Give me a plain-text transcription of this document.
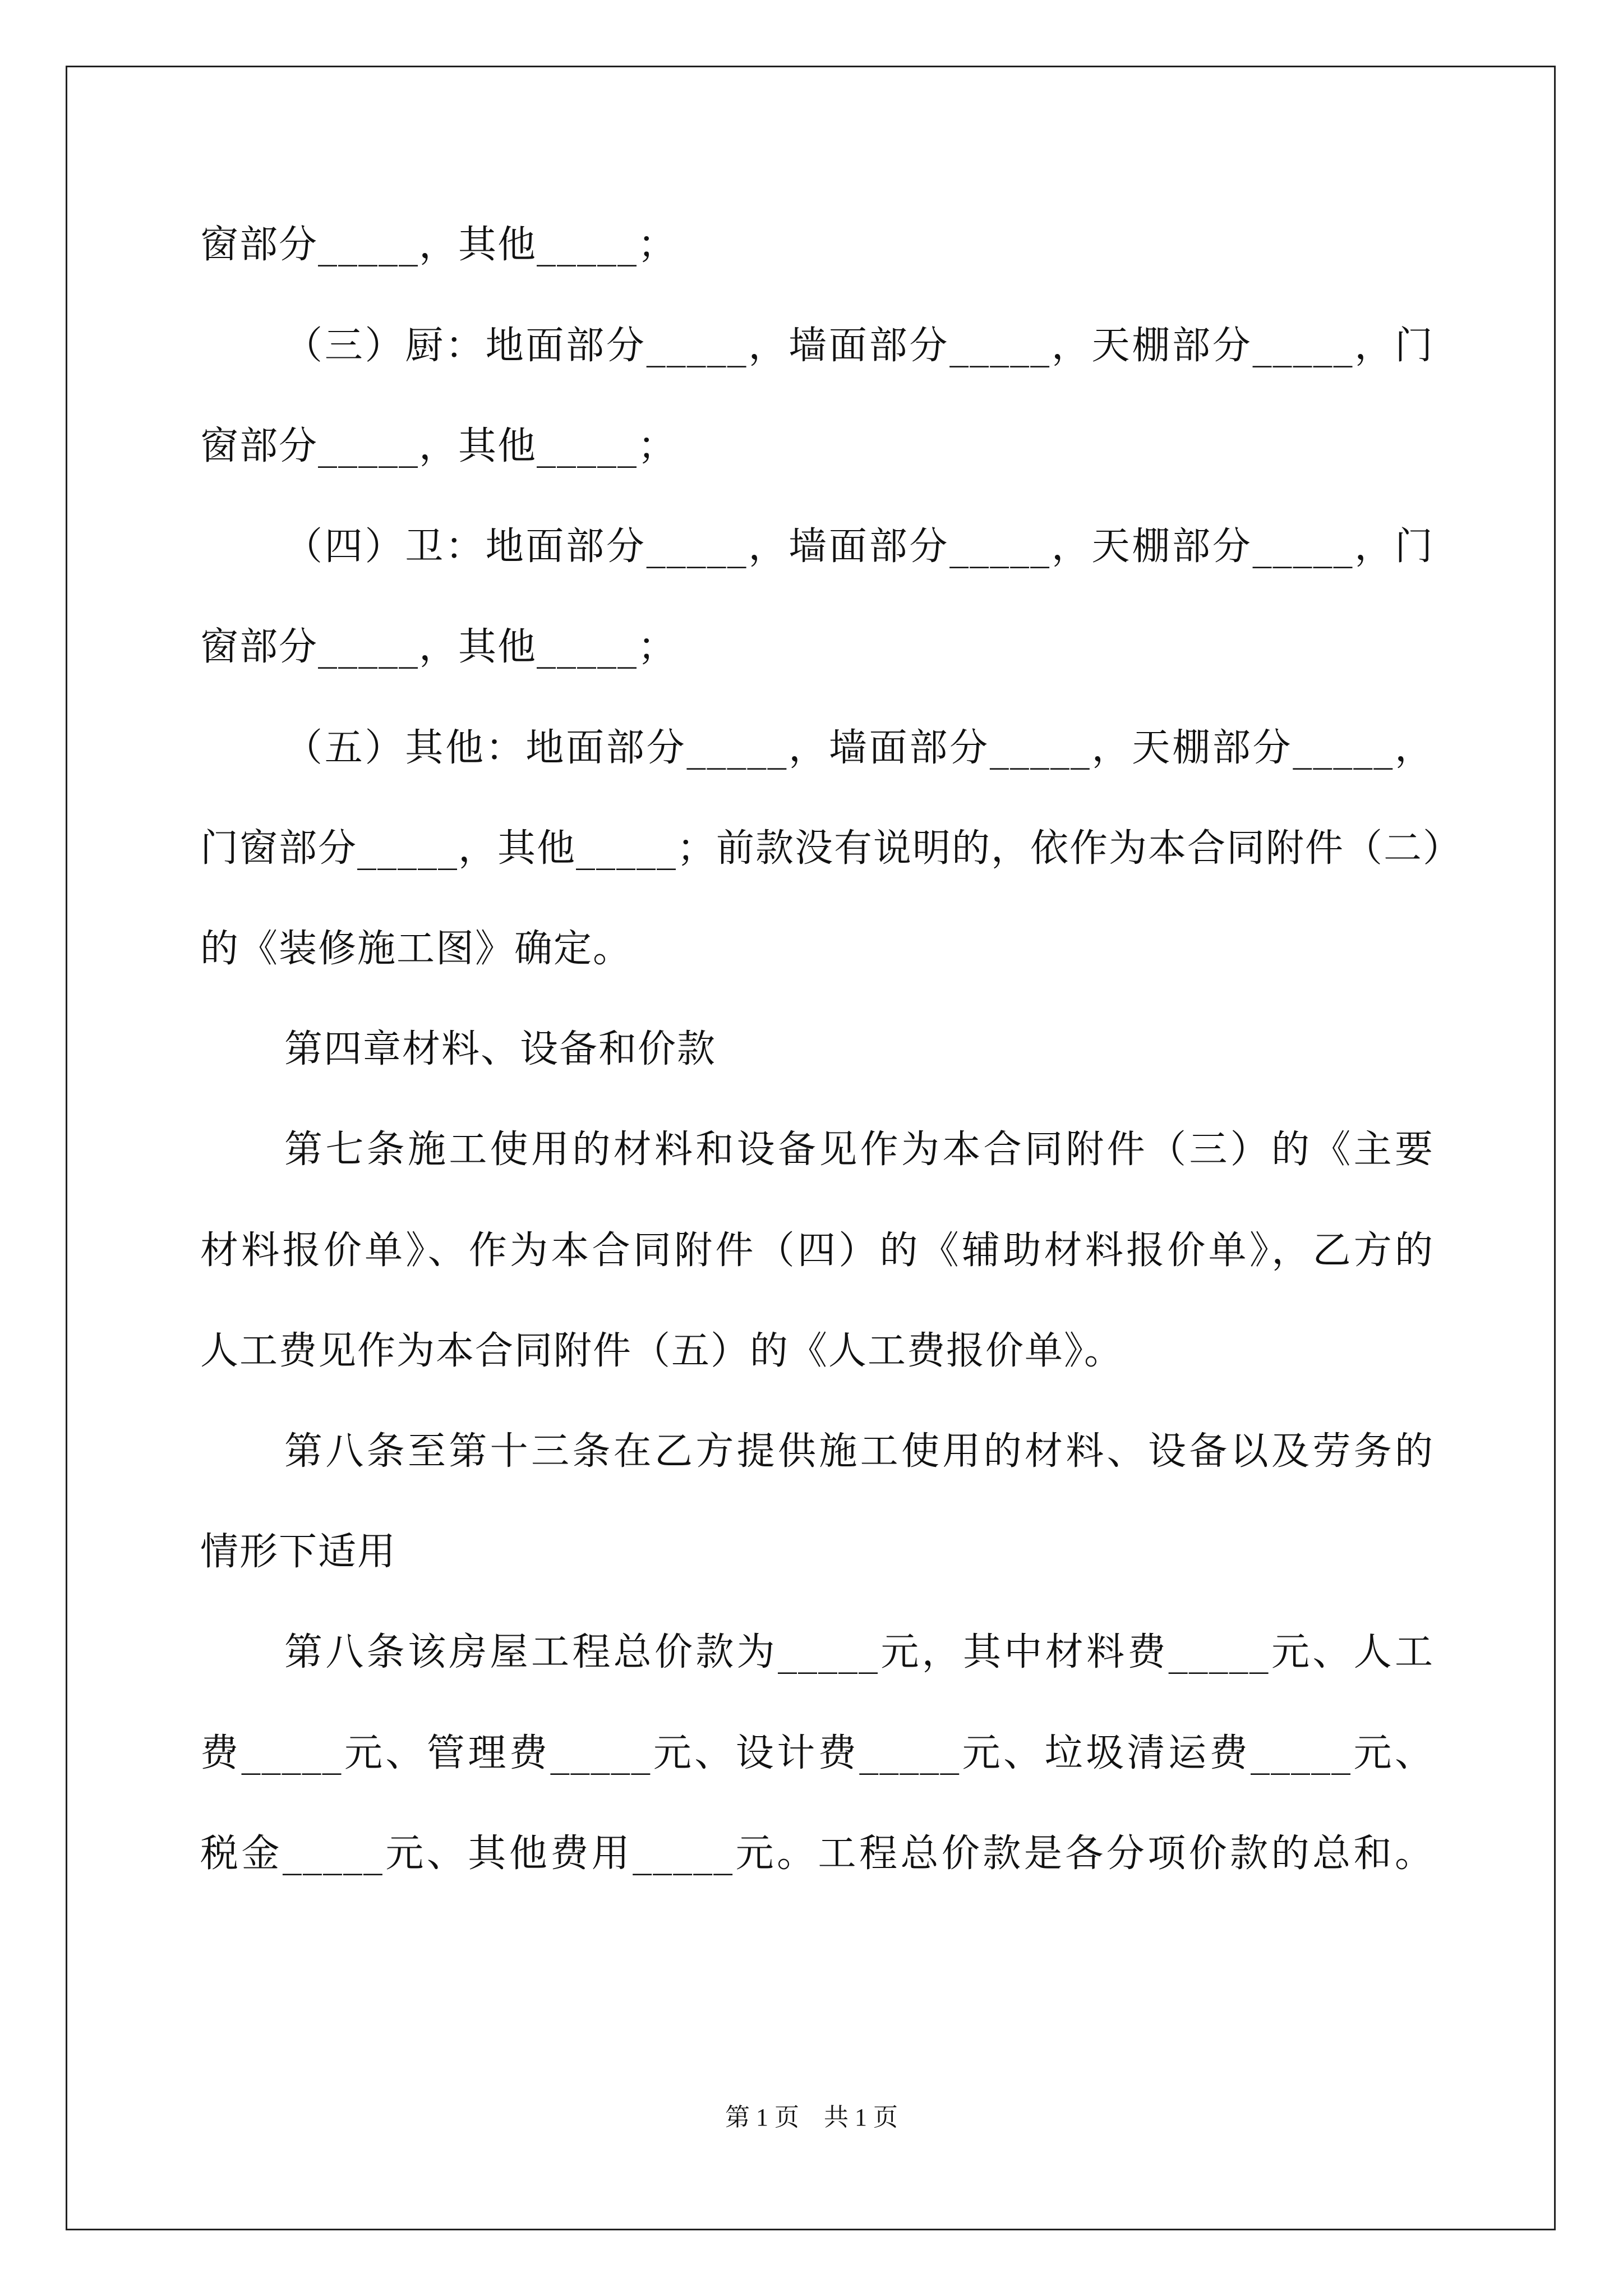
窗部分_____，其他_____；
（三）厨：地面部分_____，墙面部分_____，天棚部分_____，门
窗部分_____，其他_____；
（四）卫：地面部分_____，墙面部分_____，天棚部分_____，门
窗部分_____，其他_____；
（五）其他：地面部分_____，墙面部分_____，天棚部分_____，
门窗部分_____，其他_____；前款没有说明的，依作为本合同附件（二）
的《装修施工图》确定。
第四章材料、设备和价款
第七条施工使用的材料和设备见作为本合同附件（三）的《主要
材料报价单》、作为本合同附件（四）的《辅助材料报价单》，乙方的
人工费见作为本合同附件（五）的《人工费报价单》。
第八条至第十三条在乙方提供施工使用的材料、设备以及劳务的
情形下适用
第八条该房屋工程总价款为_____元，其中材料费_____元、人工
费_____元、管理费_____元、设计费_____元、垃圾清运费_____元、
税金_____元、其他费用_____元。工程总价款是各分项价款的总和。
第 1 页　共 1 页
